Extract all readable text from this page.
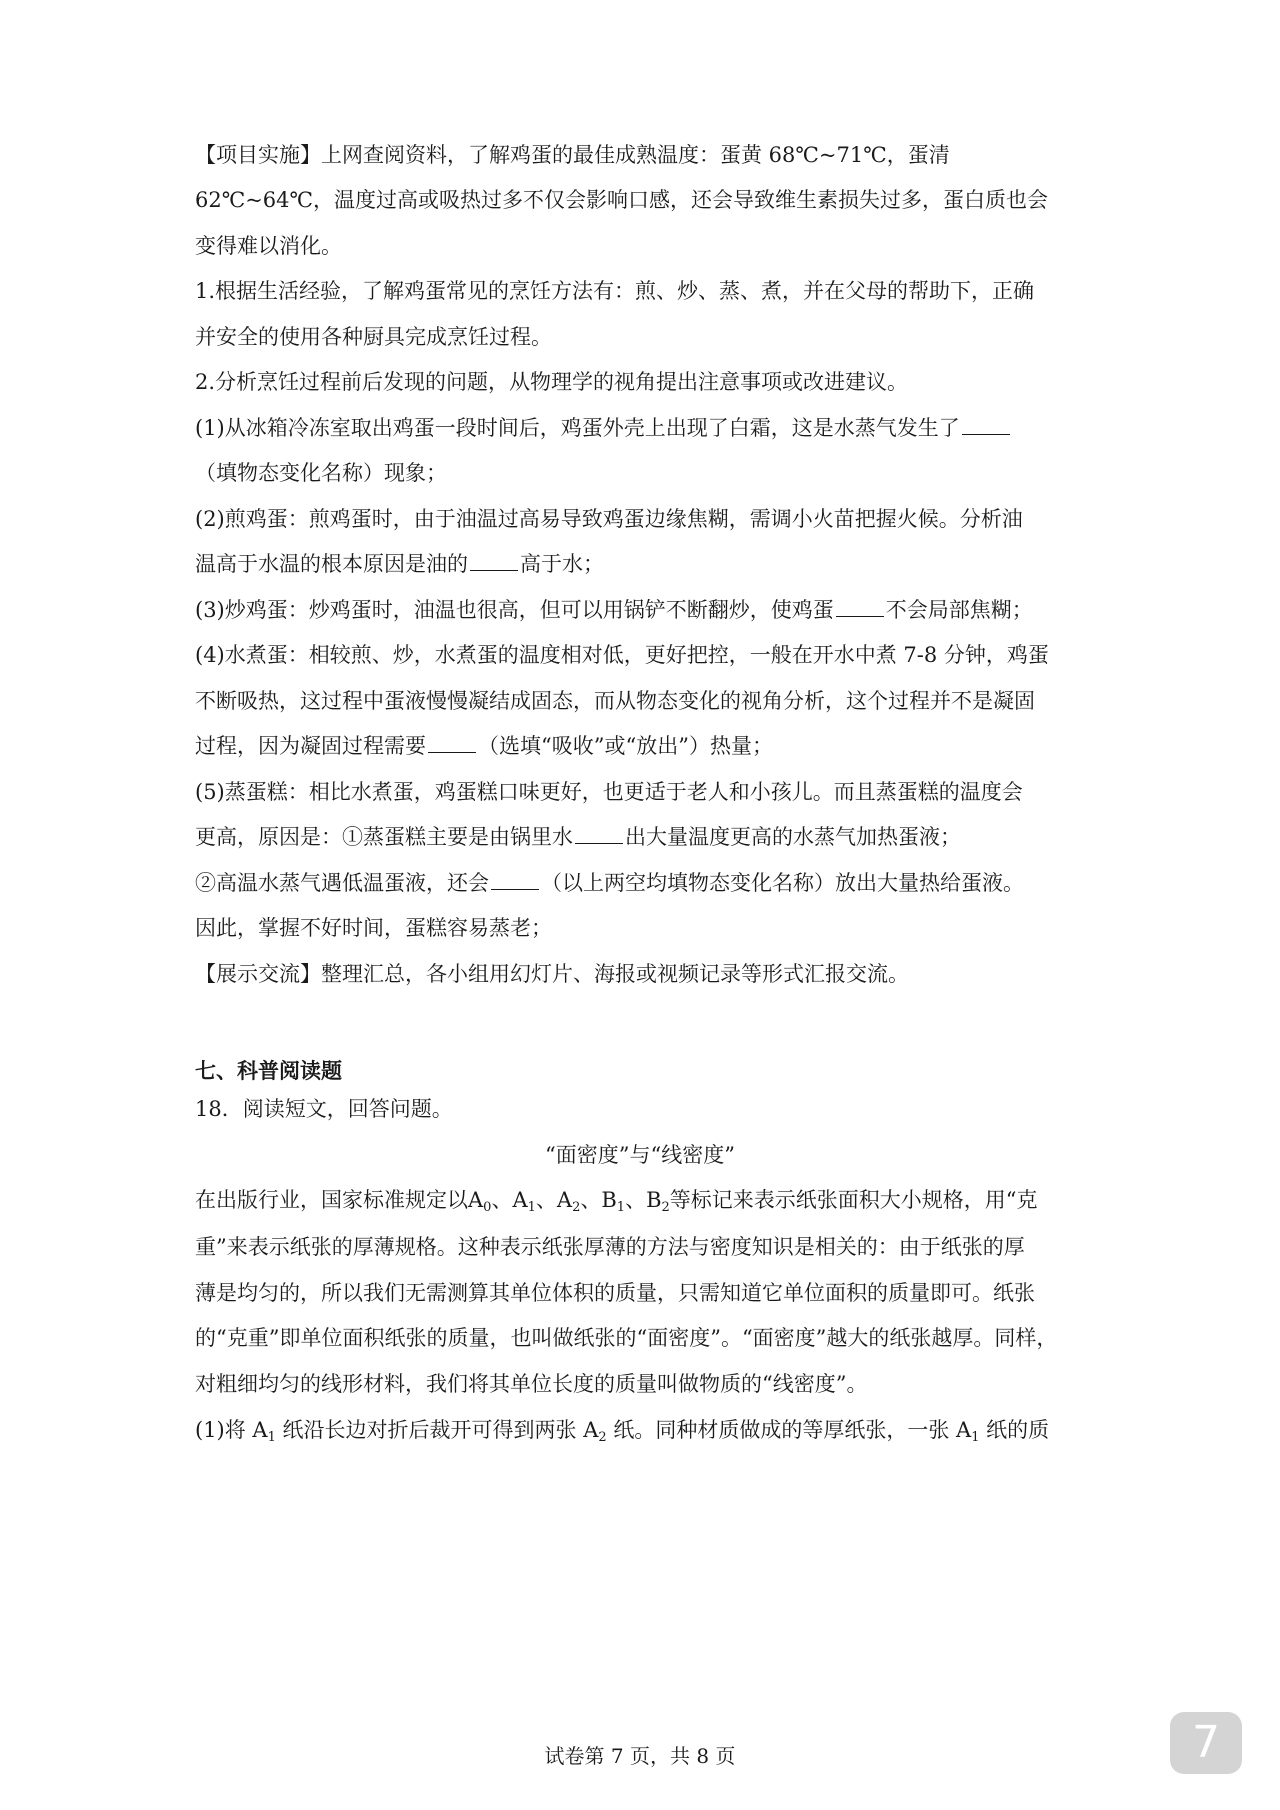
【项目实施】上网查阅资料，了解鸡蛋的最佳成熟温度：蛋黄 68℃~71℃，蛋清
62℃~64℃，温度过高或吸热过多不仅会影响口感，还会导致维生素损失过多，蛋白质也会
变得难以消化。
1.根据生活经验，了解鸡蛋常见的烹饪方法有：煎、炒、蒸、煮，并在父母的帮助下，正确
并安全的使用各种厨具完成烹饪过程。
2.分析烹饪过程前后发现的问题，从物理学的视角提出注意事项或改进建议。
(1)从冰箱冷冻室取出鸡蛋一段时间后，鸡蛋外壳上出现了白霜，这是水蒸气发生了
（填物态变化名称）现象；
(2)煎鸡蛋：煎鸡蛋时，由于油温过高易导致鸡蛋边缘焦糊，需调小火苗把握火候。分析油
温高于水温的根本原因是油的 高于水；
(3)炒鸡蛋：炒鸡蛋时，油温也很高，但可以用锅铲不断翻炒，使鸡蛋 不会局部焦糊；
(4)水煮蛋：相较煎、炒，水煮蛋的温度相对低，更好把控，一般在开水中煮 7-8 分钟，鸡蛋
不断吸热，这过程中蛋液慢慢凝结成固态，而从物态变化的视角分析，这个过程并不是凝固
过程，因为凝固过程需要 （选填“吸收”或“放出”）热量；
(5)蒸蛋糕：相比水煮蛋，鸡蛋糕口味更好，也更适于老人和小孩儿。而且蒸蛋糕的温度会
更高，原因是：①蒸蛋糕主要是由锅里水 出大量温度更高的水蒸气加热蛋液；
②高温水蒸气遇低温蛋液，还会 （以上两空均填物态变化名称）放出大量热给蛋液。
因此，掌握不好时间，蛋糕容易蒸老；
【展示交流】整理汇总，各小组用幻灯片、海报或视频记录等形式汇报交流。
七、科普阅读题
18．阅读短文，回答问题。
“面密度”与“线密度”
在出版行业，国家标准规定以$A_0$、$A_1$、$A_2$、$B_1$、$B_2$等标记来表示纸张面积大小规格，用“克
重”来表示纸张的厚薄规格。这种表示纸张厚薄的方法与密度知识是相关的：由于纸张的厚
薄是均匀的，所以我们无需测算其单位体积的质量，只需知道它单位面积的质量即可。纸张
的“克重”即单位面积纸张的质量，也叫做纸张的“面密度”。“面密度”越大的纸张越厚。同样，
对粗细均匀的线形材料，我们将其单位长度的质量叫做物质的“线密度”。
(1)将 $A_1$ 纸沿长边对折后裁开可得到两张 $A_2$ 纸。同种材质做成的等厚纸张，一张 $A_1$ 纸的质
试卷第 7 页，共 8 页	7
